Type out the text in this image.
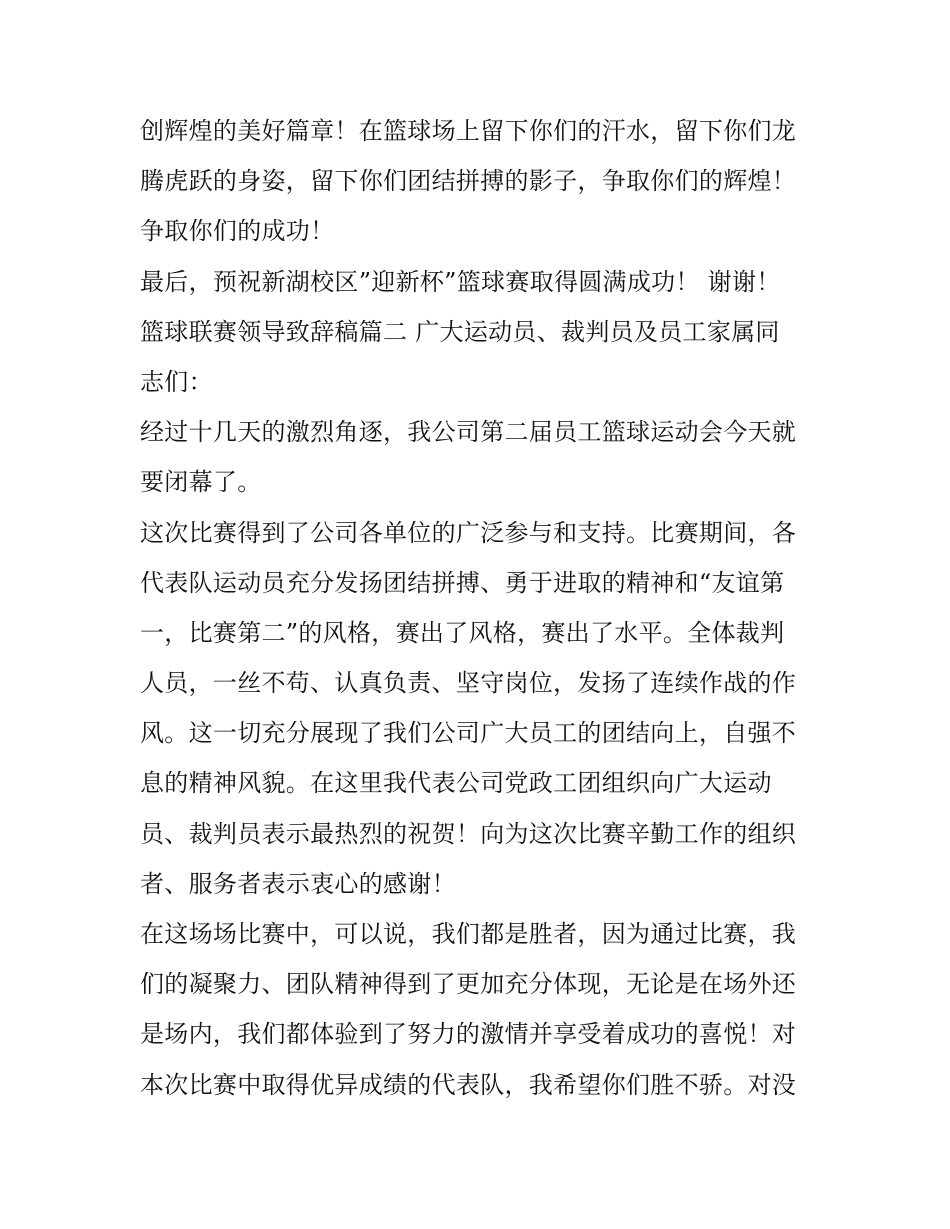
创辉煌的美好篇章！在篮球场上留下你们的汗水，留下你们龙
腾虎跃的身姿，留下你们团结拼搏的影子，争取你们的辉煌！
争取你们的成功！
最后，预祝新湖校区”迎新杯”篮球赛取得圆满成功！ 谢谢！
篮球联赛领导致辞稿篇二 广大运动员、裁判员及员工家属同
志们：
经过十几天的激烈角逐，我公司第二届员工篮球运动会今天就
要闭幕了。
这次比赛得到了公司各单位的广泛参与和支持。比赛期间，各
代表队运动员充分发扬团结拼搏、勇于进取的精神和“友谊第
一，比赛第二”的风格，赛出了风格，赛出了水平。全体裁判
人员，一丝不苟、认真负责、坚守岗位，发扬了连续作战的作
风。这一切充分展现了我们公司广大员工的团结向上，自强不
息的精神风貌。在这里我代表公司党政工团组织向广大运动
员、裁判员表示最热烈的祝贺！向为这次比赛辛勤工作的组织
者、服务者表示衷心的感谢！
在这场场比赛中，可以说，我们都是胜者，因为通过比赛，我
们的凝聚力、团队精神得到了更加充分体现，无论是在场外还
是场内，我们都体验到了努力的激情并享受着成功的喜悦！对
本次比赛中取得优异成绩的代表队，我希望你们胜不骄。对没
